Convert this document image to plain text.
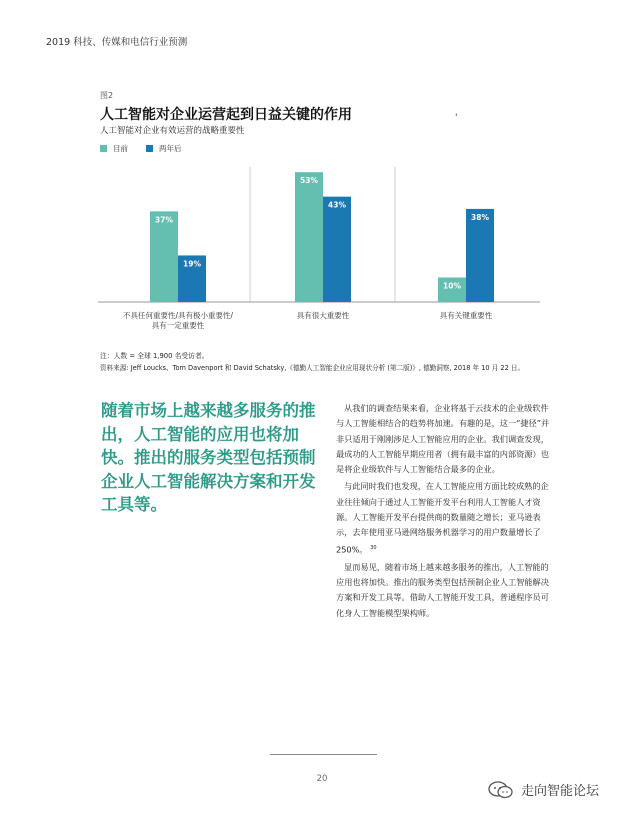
2019 科技、传媒和电信行业预测
图2
人工智能对企业运营起到日益关键的作用
人工智能对企业有效运营的战略重要性
'
目前	两年后
37%
19%
不具任何重要性/具有极小重要性/
具有一定重要性
53%
43%
具有很大重要性
10%
38%
具有关键重要性
注：人数 = 全球 1,900 名受访者。
资料来源: Jeff Loucks、Tom Davenport 和 David Schatsky,《德勤人工智能企业应用现状分析 (第二版)》, 德勤洞察, 2018 年 10 月 22 日。
随着市场上越来越多服务的推出，人工智能的应用也将加快。推出的服务类型包括预制企业人工智能解决方案和开发工具等。

从我们的调查结果来看，企业将基于云技术的企业级软件与人工智能相结合的趋势将加速。有趣的是，这一“捷径”并非只适用于刚刚涉足人工智能应用的企业。我们调查发现，最成功的人工智能早期应用者（拥有最丰富的内部资源）也是将企业级软件与人工智能结合最多的企业。

与此同时我们也发现，在人工智能应用方面比较成熟的企业往往倾向于通过人工智能开发平台利用人工智能人才资源。人工智能开发平台提供商的数量随之增长；亚马逊表示，去年使用亚马逊网络服务机器学习的用户数量增长了 250%。 $^{30}$

显而易见，随着市场上越来越多服务的推出，人工智能的应用也将加快。推出的服务类型包括预制企业人工智能解决方案和开发工具等。借助人工智能开发工具，普通程序员可化身人工智能模型架构师。

20
走向智能论坛
